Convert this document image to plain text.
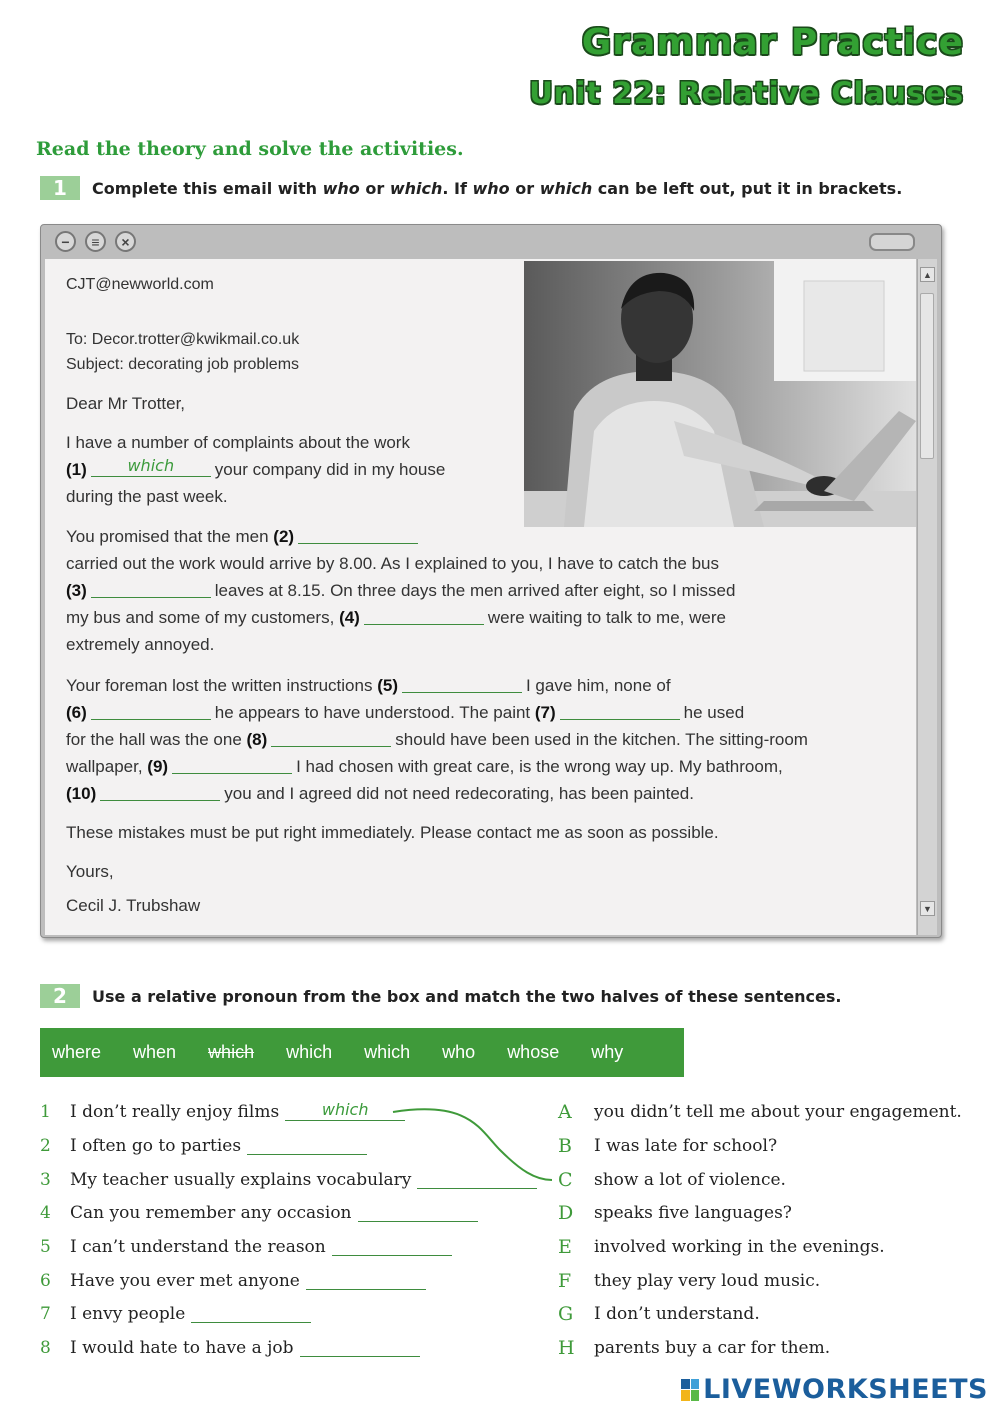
Grammar Practice
Unit 22: Relative Clauses
Read the theory and solve the activities.
1	Complete this email with who or which. If who or which can be left out, put it in brackets.
−	≡	×
▲
▼
CJT@newworld.com
To: Decor.trotter@kwikmail.co.uk
Subject: decorating job problems
Dear Mr Trotter,
I have a number of complaints about the work
(1)	which	your company did in my house
during the past week.
You promised that the men (2)
carried out the work would arrive by 8.00. As I explained to you, I have to catch the bus
(3)	leaves at 8.15. On three days the men arrived after eight, so I missed
my bus and some of my customers, (4)	were waiting to talk to me, were
extremely annoyed.
Your foreman lost the written instructions (5)	I gave him, none of
(6)	he appears to have understood. The paint (7)	he used
for the hall was the one (8)	should have been used in the kitchen. The sitting-room
wallpaper, (9)	I had chosen with great care, is the wrong way up. My bathroom,
(10)	you and I agreed did not need redecorating, has been painted.
These mistakes must be put right immediately. Please contact me as soon as possible.
Yours,
Cecil J. Trubshaw
2	Use a relative pronoun from the box and match the two halves of these sentences.
where when which which which who whose why
1	I don’t really enjoy films	which
2	I often go to parties
3	My teacher usually explains vocabulary
4	Can you remember any occasion
5	I can’t understand the reason
6	Have you ever met anyone
7	I envy people
8	I would hate to have a job
A	you didn’t tell me about your engagement.
B	I was late for school?
C	show a lot of violence.
D	speaks five languages?
E	involved working in the evenings.
F	they play very loud music.
G	I don’t understand.
H	parents buy a car for them.
LIVEWORKSHEETS
